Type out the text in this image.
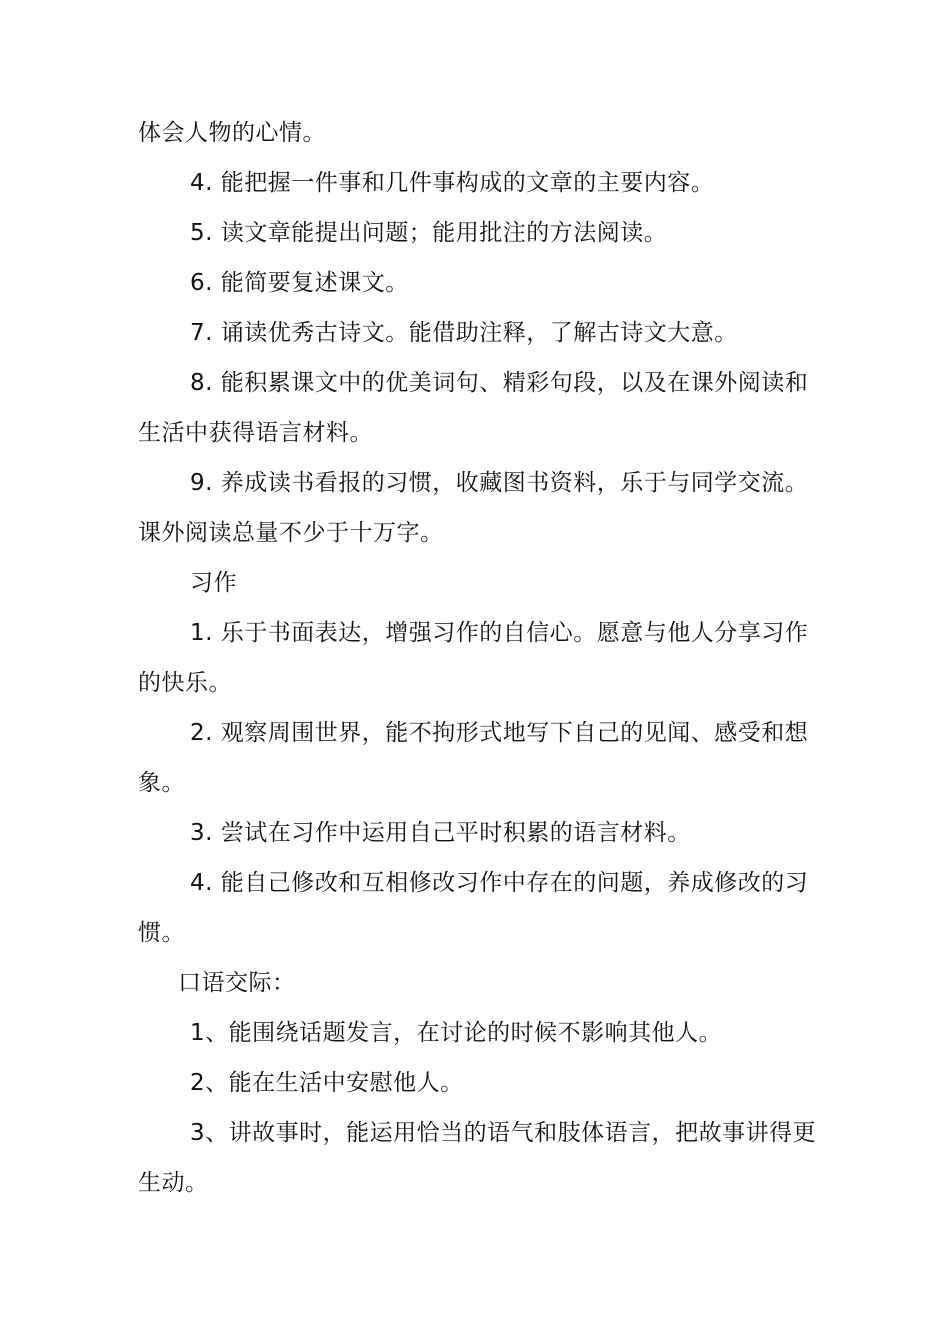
体会人物的心情。

4. 能把握一件事和几件事构成的文章的主要内容。

5. 读文章能提出问题；能用批注的方法阅读。

6. 能简要复述课文。

7. 诵读优秀古诗文。能借助注释，了解古诗文大意。

8. 能积累课文中的优美词句、精彩句段，以及在课外阅读和生活中获得语言材料。

9. 养成读书看报的习惯，收藏图书资料，乐于与同学交流。课外阅读总量不少于十万字。

习作

1. 乐于书面表达，增强习作的自信心。愿意与他人分享习作的快乐。

2. 观察周围世界，能不拘形式地写下自己的见闻、感受和想象。

3. 尝试在习作中运用自己平时积累的语言材料。

4. 能自己修改和互相修改习作中存在的问题，养成修改的习惯。

口语交际：

1、能围绕话题发言，在讨论的时候不影响其他人。

2、能在生活中安慰他人。

3、讲故事时，能运用恰当的语气和肢体语言，把故事讲得更生动。
